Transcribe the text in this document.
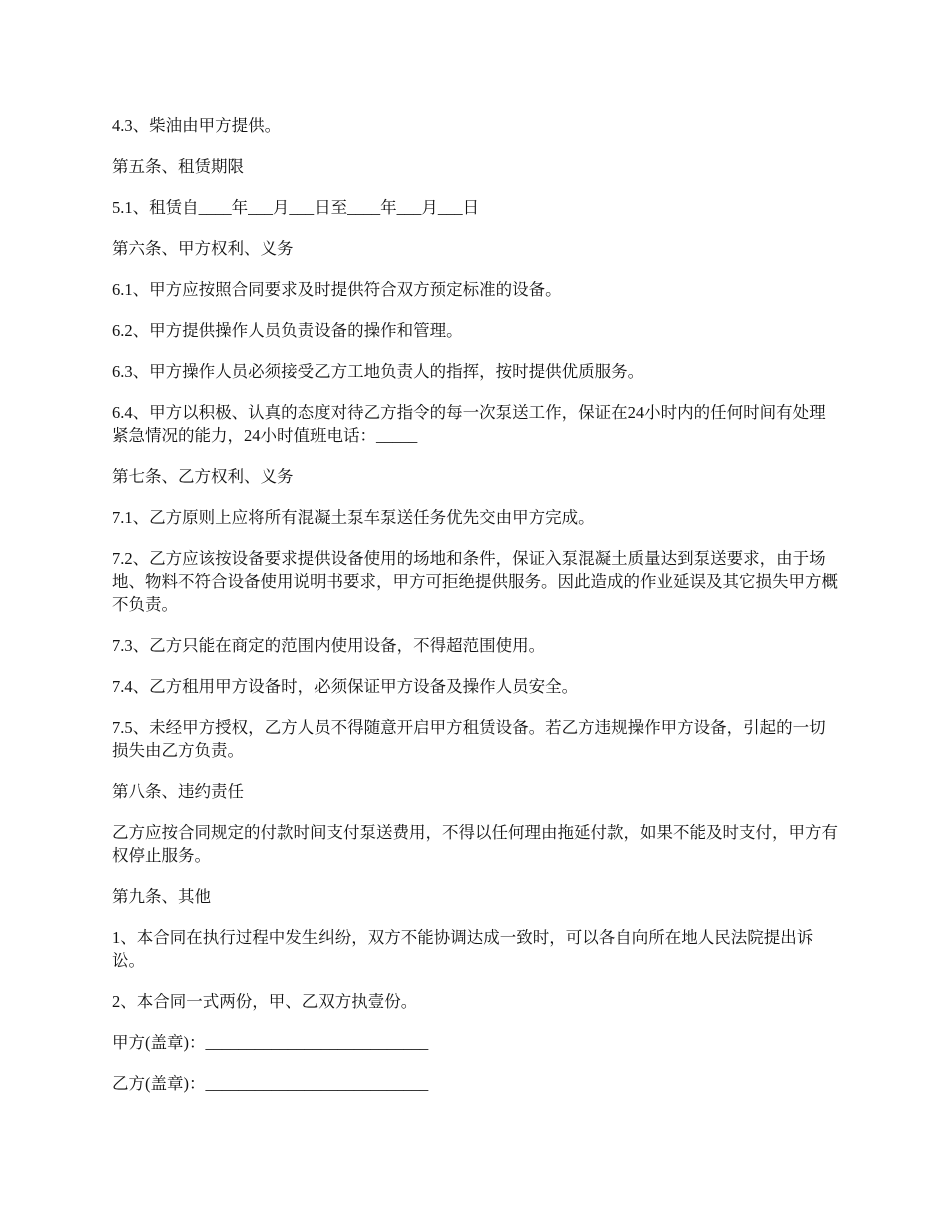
4.3、柴油由甲方提供。

第五条、租赁期限

5.1、租赁自____年___月___日至____年___月___日

第六条、甲方权利、义务

6.1、甲方应按照合同要求及时提供符合双方预定标准的设备。

6.2、甲方提供操作人员负责设备的操作和管理。

6.3、甲方操作人员必须接受乙方工地负责人的指挥，按时提供优质服务。

6.4、甲方以积极、认真的态度对待乙方指令的每一次泵送工作，保证在24小时内的任何时间有处理紧急情况的能力，24小时值班电话：_____

第七条、乙方权利、义务

7.1、乙方原则上应将所有混凝土泵车泵送任务优先交由甲方完成。

7.2、乙方应该按设备要求提供设备使用的场地和条件，保证入泵混凝土质量达到泵送要求，由于场地、物料不符合设备使用说明书要求，甲方可拒绝提供服务。因此造成的作业延误及其它损失甲方概不负责。

7.3、乙方只能在商定的范围内使用设备，不得超范围使用。

7.4、乙方租用甲方设备时，必须保证甲方设备及操作人员安全。

7.5、未经甲方授权，乙方人员不得随意开启甲方租赁设备。若乙方违规操作甲方设备，引起的一切损失由乙方负责。

第八条、违约责任

乙方应按合同规定的付款时间支付泵送费用，不得以任何理由拖延付款，如果不能及时支付，甲方有权停止服务。

第九条、其他

1、本合同在执行过程中发生纠纷，双方不能协调达成一致时，可以各自向所在地人民法院提出诉讼。

2、本合同一式两份，甲、乙双方执壹份。

甲方(盖章)：___________________________

乙方(盖章)：___________________________
